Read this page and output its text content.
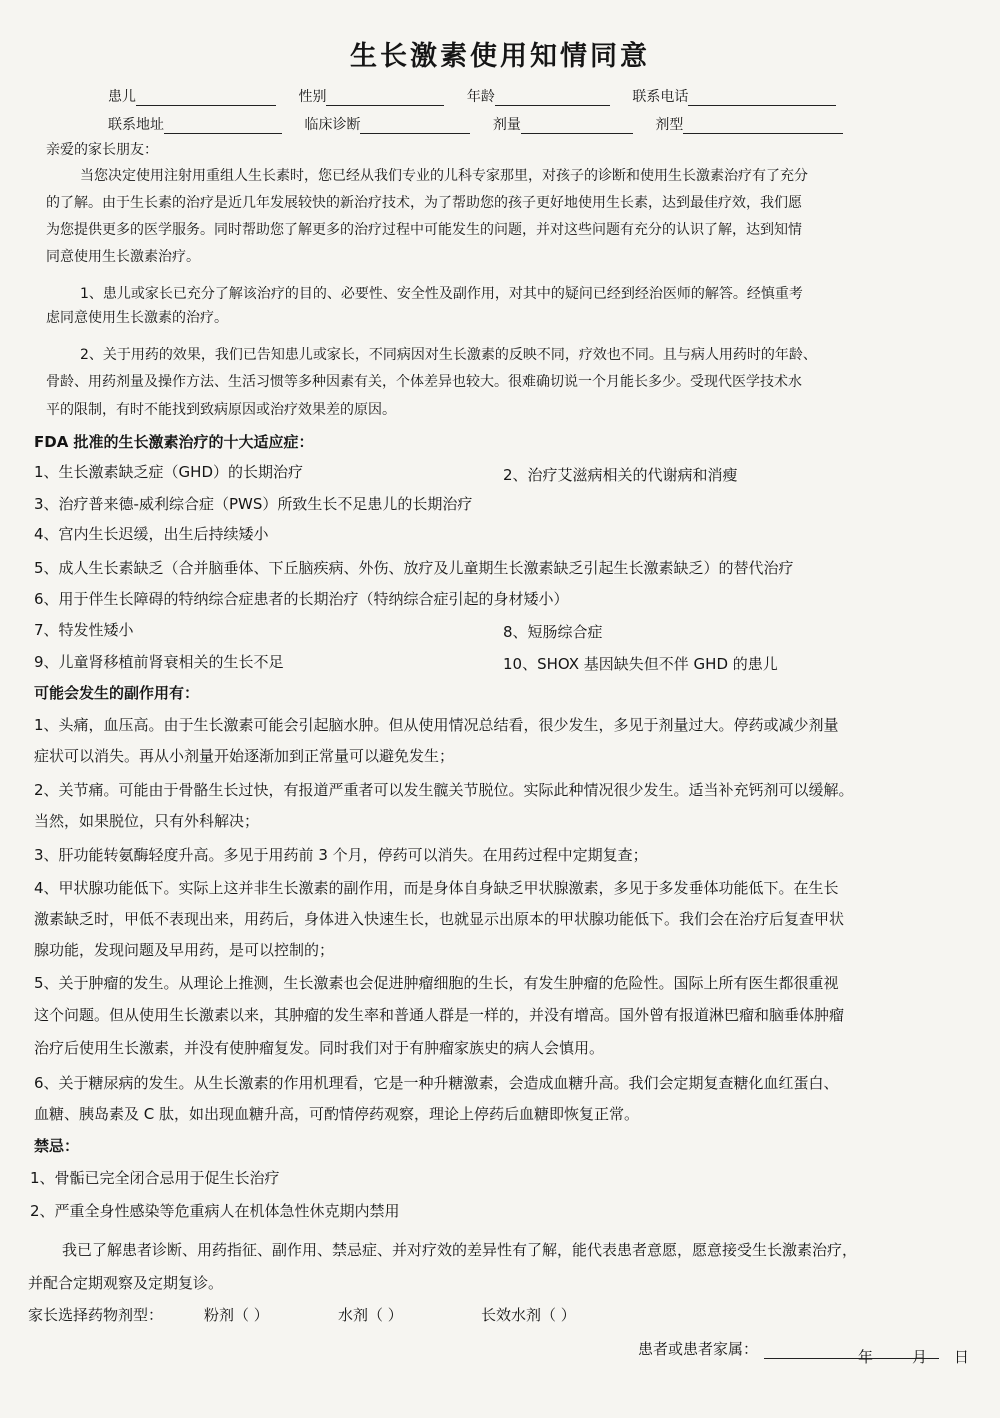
生长激素使用知情同意
患儿	性别	年龄	联系电话
联系地址	临床诊断	剂量	剂型
亲爱的家长朋友：
当您决定使用注射用重组人生长素时，您已经从我们专业的儿科专家那里，对孩子的诊断和使用生长激素治疗有了充分
的了解。由于生长素的治疗是近几年发展较快的新治疗技术，为了帮助您的孩子更好地使用生长素，达到最佳疗效，我们愿
为您提供更多的医学服务。同时帮助您了解更多的治疗过程中可能发生的问题，并对这些问题有充分的认识了解，达到知情
同意使用生长激素治疗。
1、患儿或家长已充分了解该治疗的目的、必要性、安全性及副作用，对其中的疑问已经到经治医师的解答。经慎重考
虑同意使用生长激素的治疗。
2、关于用药的效果，我们已告知患儿或家长，不同病因对生长激素的反映不同，疗效也不同。且与病人用药时的年龄、
骨龄、用药剂量及操作方法、生活习惯等多种因素有关，个体差异也较大。很难确切说一个月能长多少。受现代医学技术水
平的限制，有时不能找到致病原因或治疗效果差的原因。
FDA 批准的生长激素治疗的十大适应症：
1、生长激素缺乏症（GHD）的长期治疗	2、治疗艾滋病相关的代谢病和消瘦
3、治疗普来德-威利综合症（PWS）所致生长不足患儿的长期治疗
4、宫内生长迟缓，出生后持续矮小
5、成人生长素缺乏（合并脑垂体、下丘脑疾病、外伤、放疗及儿童期生长激素缺乏引起生长激素缺乏）的替代治疗
6、用于伴生长障碍的特纳综合症患者的长期治疗（特纳综合症引起的身材矮小）
7、特发性矮小	8、短肠综合症
9、儿童肾移植前肾衰相关的生长不足	10、SHOX 基因缺失但不伴 GHD 的患儿
可能会发生的副作用有：
1、头痛，血压高。由于生长激素可能会引起脑水肿。但从使用情况总结看，很少发生，多见于剂量过大。停药或减少剂量
症状可以消失。再从小剂量开始逐渐加到正常量可以避免发生；
2、关节痛。可能由于骨骼生长过快，有报道严重者可以发生髋关节脱位。实际此种情况很少发生。适当补充钙剂可以缓解。
当然，如果脱位，只有外科解决；
3、肝功能转氨酶轻度升高。多见于用药前 3 个月，停药可以消失。在用药过程中定期复查；
4、甲状腺功能低下。实际上这并非生长激素的副作用，而是身体自身缺乏甲状腺激素，多见于多发垂体功能低下。在生长
激素缺乏时，甲低不表现出来，用药后，身体进入快速生长，也就显示出原本的甲状腺功能低下。我们会在治疗后复查甲状
腺功能，发现问题及早用药，是可以控制的；
5、关于肿瘤的发生。从理论上推测，生长激素也会促进肿瘤细胞的生长，有发生肿瘤的危险性。国际上所有医生都很重视
这个问题。但从使用生长激素以来，其肿瘤的发生率和普通人群是一样的，并没有增高。国外曾有报道淋巴瘤和脑垂体肿瘤
治疗后使用生长激素，并没有使肿瘤复发。同时我们对于有肿瘤家族史的病人会慎用。
6、关于糖尿病的发生。从生长激素的作用机理看，它是一种升糖激素，会造成血糖升高。我们会定期复查糖化血红蛋白、
血糖、胰岛素及 C 肽，如出现血糖升高，可酌情停药观察，理论上停药后血糖即恢复正常。
禁忌：
1、骨骺已完全闭合忌用于促生长治疗
2、严重全身性感染等危重病人在机体急性休克期内禁用
我已了解患者诊断、用药指征、副作用、禁忌症、并对疗效的差异性有了解，能代表患者意愿，愿意接受生长激素治疗，
并配合定期观察及定期复诊。
家长选择药物剂型：	粉剂（ ）	水剂（ ）	长效水剂（ ）
患者或患者家属：	年	月 日
